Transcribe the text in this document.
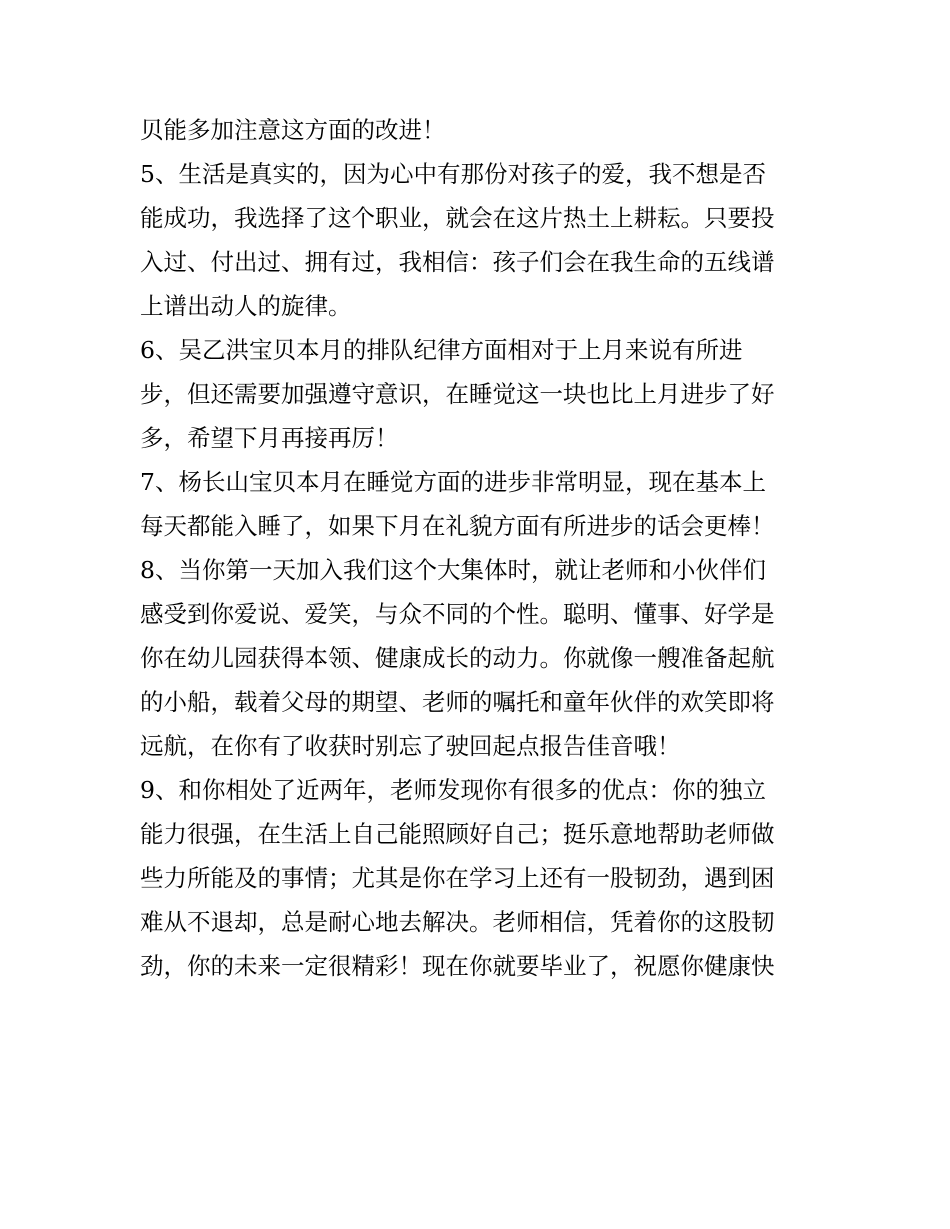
贝能多加注意这方面的改进！
5、生活是真实的，因为心中有那份对孩子的爱，我不想是否
能成功，我选择了这个职业，就会在这片热土上耕耘。只要投
入过、付出过、拥有过，我相信：孩子们会在我生命的五线谱
上谱出动人的旋律。
6、吴乙洪宝贝本月的排队纪律方面相对于上月来说有所进
步，但还需要加强遵守意识，在睡觉这一块也比上月进步了好
多，希望下月再接再厉！
7、杨长山宝贝本月在睡觉方面的进步非常明显，现在基本上
每天都能入睡了，如果下月在礼貌方面有所进步的话会更棒！
8、当你第一天加入我们这个大集体时，就让老师和小伙伴们
感受到你爱说、爱笑，与众不同的个性。聪明、懂事、好学是
你在幼儿园获得本领、健康成长的动力。你就像一艘准备起航
的小船，载着父母的期望、老师的嘱托和童年伙伴的欢笑即将
远航，在你有了收获时别忘了驶回起点报告佳音哦！
9、和你相处了近两年，老师发现你有很多的优点：你的独立
能力很强，在生活上自己能照顾好自己；挺乐意地帮助老师做
些力所能及的事情；尤其是你在学习上还有一股韧劲，遇到困
难从不退却，总是耐心地去解决。老师相信，凭着你的这股韧
劲，你的未来一定很精彩！现在你就要毕业了，祝愿你健康快
